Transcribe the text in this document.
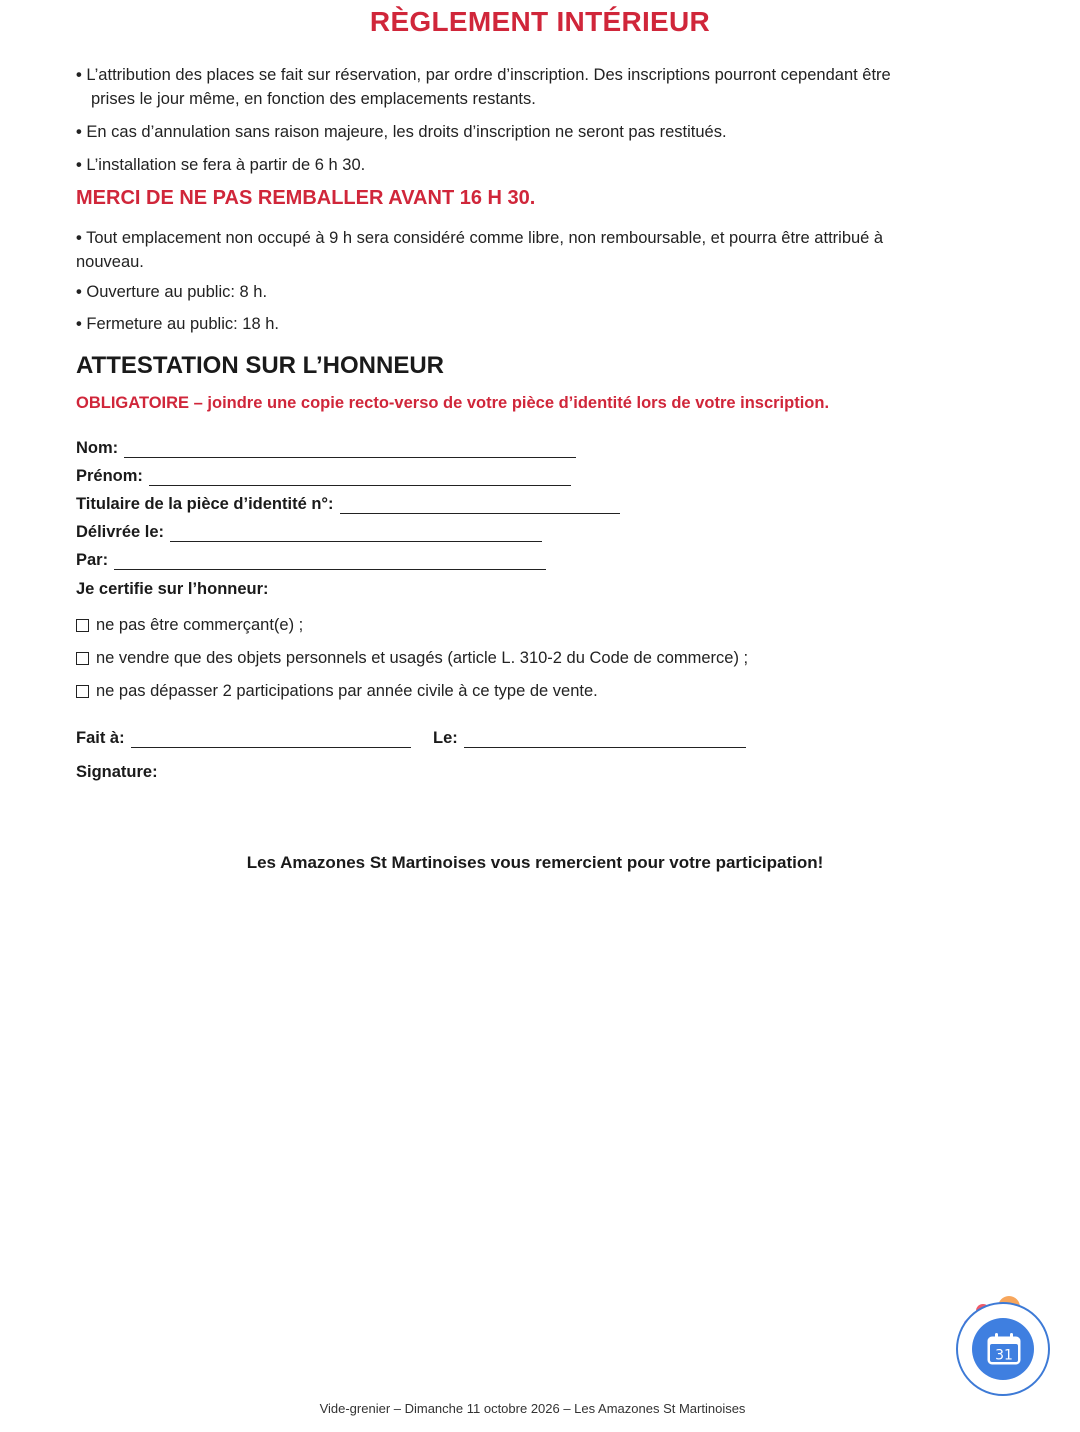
RÈGLEMENT INTÉRIEUR
• L’attribution des places se fait sur réservation, par ordre d’inscription. Des inscriptions pourront cependant être
prises le jour même, en fonction des emplacements restants.
• En cas d’annulation sans raison majeure, les droits d’inscription ne seront pas restitués.
• L’installation se fera à partir de 6 h 30.
MERCI DE NE PAS REMBALLER AVANT 16 H 30.
• Tout emplacement non occupé à 9 h sera considéré comme libre, non remboursable, et pourra être attribué à
nouveau.
• Ouverture au public: 8 h.
• Fermeture au public: 18 h.
ATTESTATION SUR L’HONNEUR
OBLIGATOIRE – joindre une copie recto-verso de votre pièce d’identité lors de votre inscription.
Nom:
Prénom:
Titulaire de la pièce d’identité n°:
Délivrée le:
Par:
Je certifie sur l’honneur:
ne pas être commerçant(e) ;
ne vendre que des objets personnels et usagés (article L. 310-2 du Code de commerce) ;
ne pas dépasser 2 participations par année civile à ce type de vente.
Fait à:	Le:
Signature:
Les Amazones St Martinoises vous remercient pour votre participation!
Vide-grenier – Dimanche 11 octobre 2026 – Les Amazones St Martinoises
31
